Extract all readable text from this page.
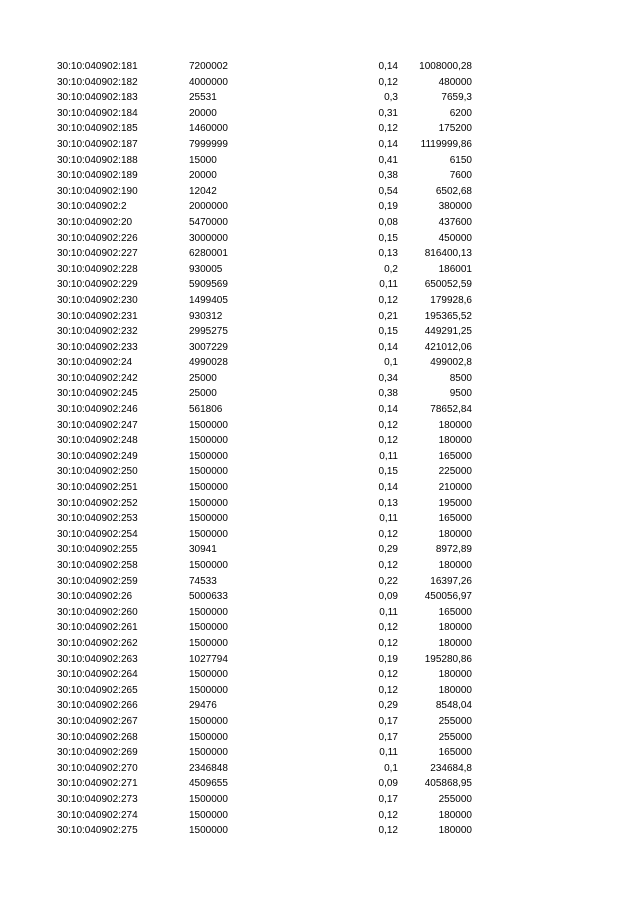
30:10:040902:181	7200002	0,14	1008000,28
30:10:040902:182	4000000	0,12	480000
30:10:040902:183	25531	0,3	7659,3
30:10:040902:184	20000	0,31	6200
30:10:040902:185	1460000	0,12	175200
30:10:040902:187	7999999	0,14	1119999,86
30:10:040902:188	15000	0,41	6150
30:10:040902:189	20000	0,38	7600
30:10:040902:190	12042	0,54	6502,68
30:10:040902:2	2000000	0,19	380000
30:10:040902:20	5470000	0,08	437600
30:10:040902:226	3000000	0,15	450000
30:10:040902:227	6280001	0,13	816400,13
30:10:040902:228	930005	0,2	186001
30:10:040902:229	5909569	0,11	650052,59
30:10:040902:230	1499405	0,12	179928,6
30:10:040902:231	930312	0,21	195365,52
30:10:040902:232	2995275	0,15	449291,25
30:10:040902:233	3007229	0,14	421012,06
30:10:040902:24	4990028	0,1	499002,8
30:10:040902:242	25000	0,34	8500
30:10:040902:245	25000	0,38	9500
30:10:040902:246	561806	0,14	78652,84
30:10:040902:247	1500000	0,12	180000
30:10:040902:248	1500000	0,12	180000
30:10:040902:249	1500000	0,11	165000
30:10:040902:250	1500000	0,15	225000
30:10:040902:251	1500000	0,14	210000
30:10:040902:252	1500000	0,13	195000
30:10:040902:253	1500000	0,11	165000
30:10:040902:254	1500000	0,12	180000
30:10:040902:255	30941	0,29	8972,89
30:10:040902:258	1500000	0,12	180000
30:10:040902:259	74533	0,22	16397,26
30:10:040902:26	5000633	0,09	450056,97
30:10:040902:260	1500000	0,11	165000
30:10:040902:261	1500000	0,12	180000
30:10:040902:262	1500000	0,12	180000
30:10:040902:263	1027794	0,19	195280,86
30:10:040902:264	1500000	0,12	180000
30:10:040902:265	1500000	0,12	180000
30:10:040902:266	29476	0,29	8548,04
30:10:040902:267	1500000	0,17	255000
30:10:040902:268	1500000	0,17	255000
30:10:040902:269	1500000	0,11	165000
30:10:040902:270	2346848	0,1	234684,8
30:10:040902:271	4509655	0,09	405868,95
30:10:040902:273	1500000	0,17	255000
30:10:040902:274	1500000	0,12	180000
30:10:040902:275	1500000	0,12	180000
